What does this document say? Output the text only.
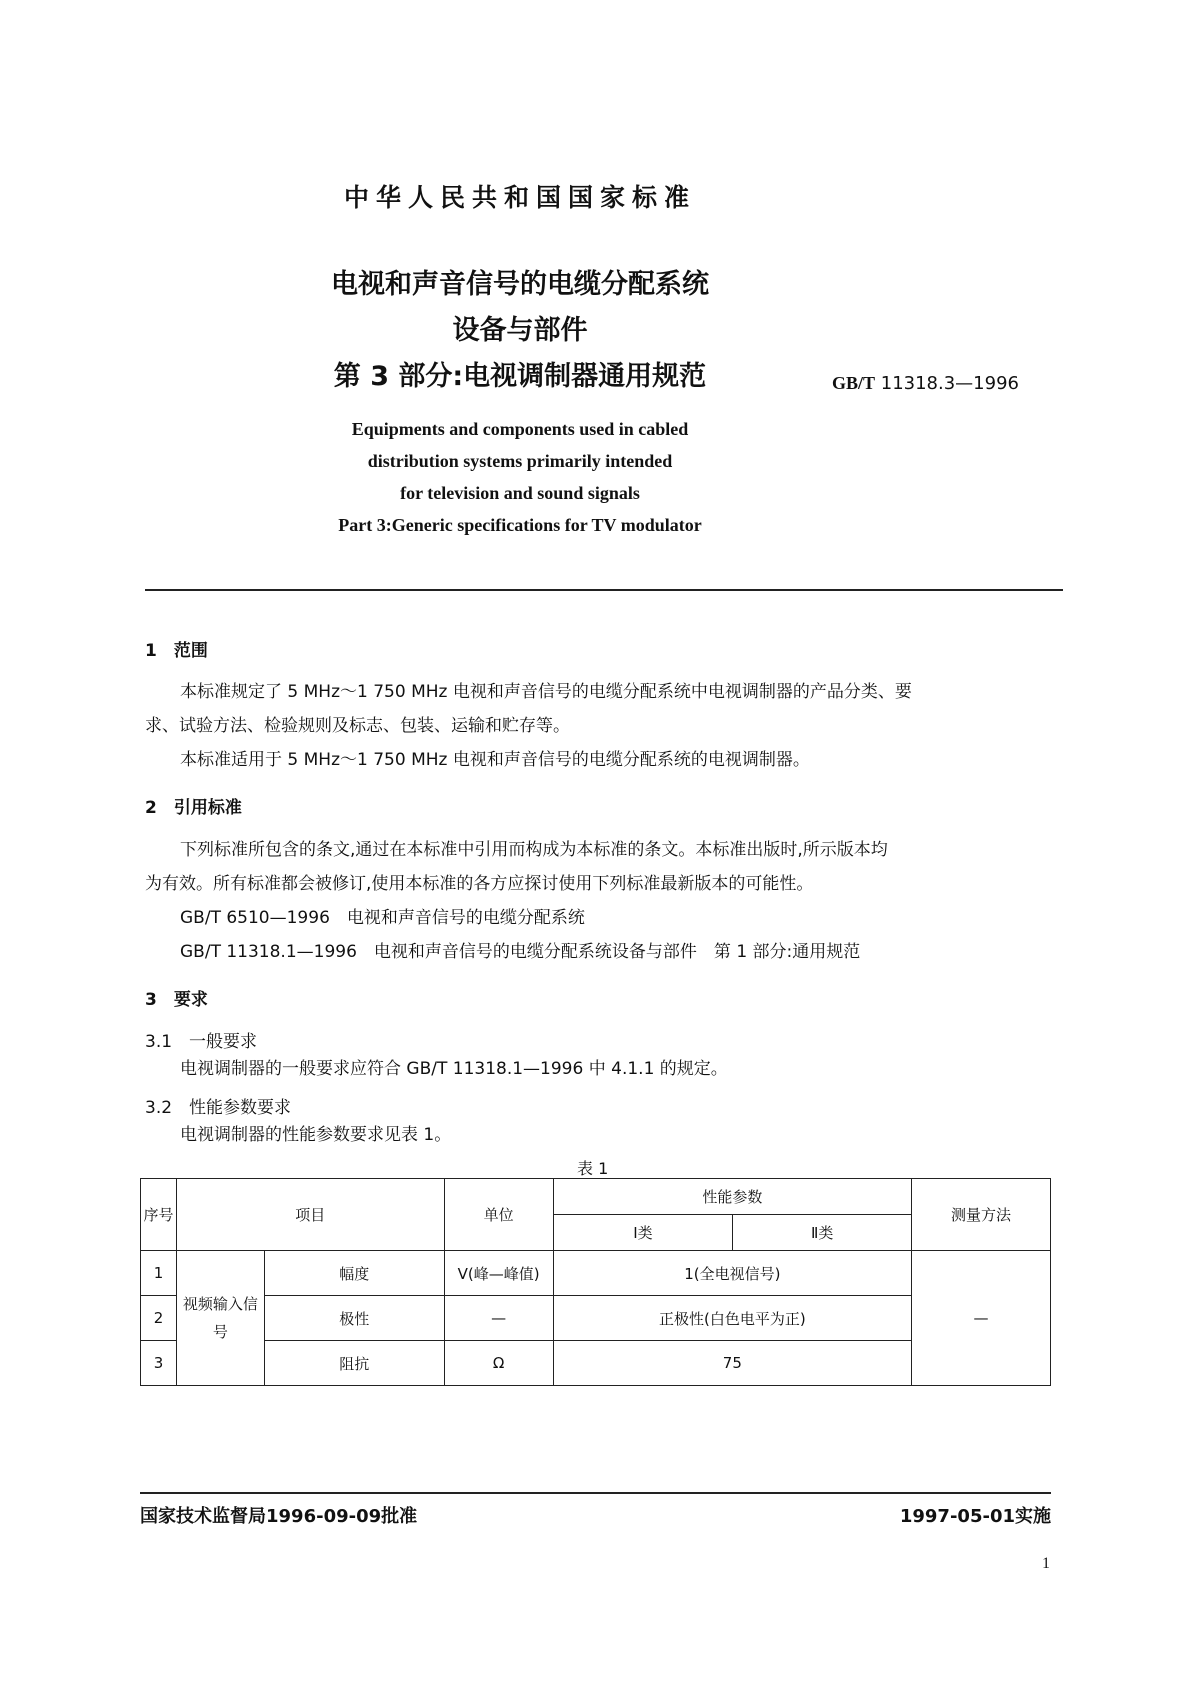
中华人民共和国国家标准
电视和声音信号的电缆分配系统
设备与部件
第 3 部分:电视调制器通用规范	GB/T 11318.3—1996
Equipments and components used in cabled
distribution systems primarily intended
for television and sound signals
Part 3:Generic specifications for TV modulator
1　范围
本标准规定了 5 MHz～1 750 MHz 电视和声音信号的电缆分配系统中电视调制器的产品分类、要
求、试验方法、检验规则及标志、包装、运输和贮存等。
本标准适用于 5 MHz～1 750 MHz 电视和声音信号的电缆分配系统的电视调制器。
2　引用标准
下列标准所包含的条文,通过在本标准中引用而构成为本标准的条文。本标准出版时,所示版本均
为有效。所有标准都会被修订,使用本标准的各方应探讨使用下列标准最新版本的可能性。
GB/T 6510—1996　电视和声音信号的电缆分配系统
GB/T 11318.1—1996　电视和声音信号的电缆分配系统设备与部件　第 1 部分:通用规范
3　要求
3.1　 一般要求
电视调制器的一般要求应符合 GB/T 11318.1—1996 中 4.1.1 的规定。
3.2　 性能参数要求
电视调制器的性能参数要求见表 1。
表 1
序号	项目		单位	性能参数		测量方法
				Ⅰ类	Ⅱ类	
1	视频输入信号	幅度	V(峰—峰值)	1(全电视信号)		—
2		极性	—	正极性(白色电平为正)		
3		阻抗	Ω	75		
国家技术监督局1996-09-09批准	1997-05-01实施
1
